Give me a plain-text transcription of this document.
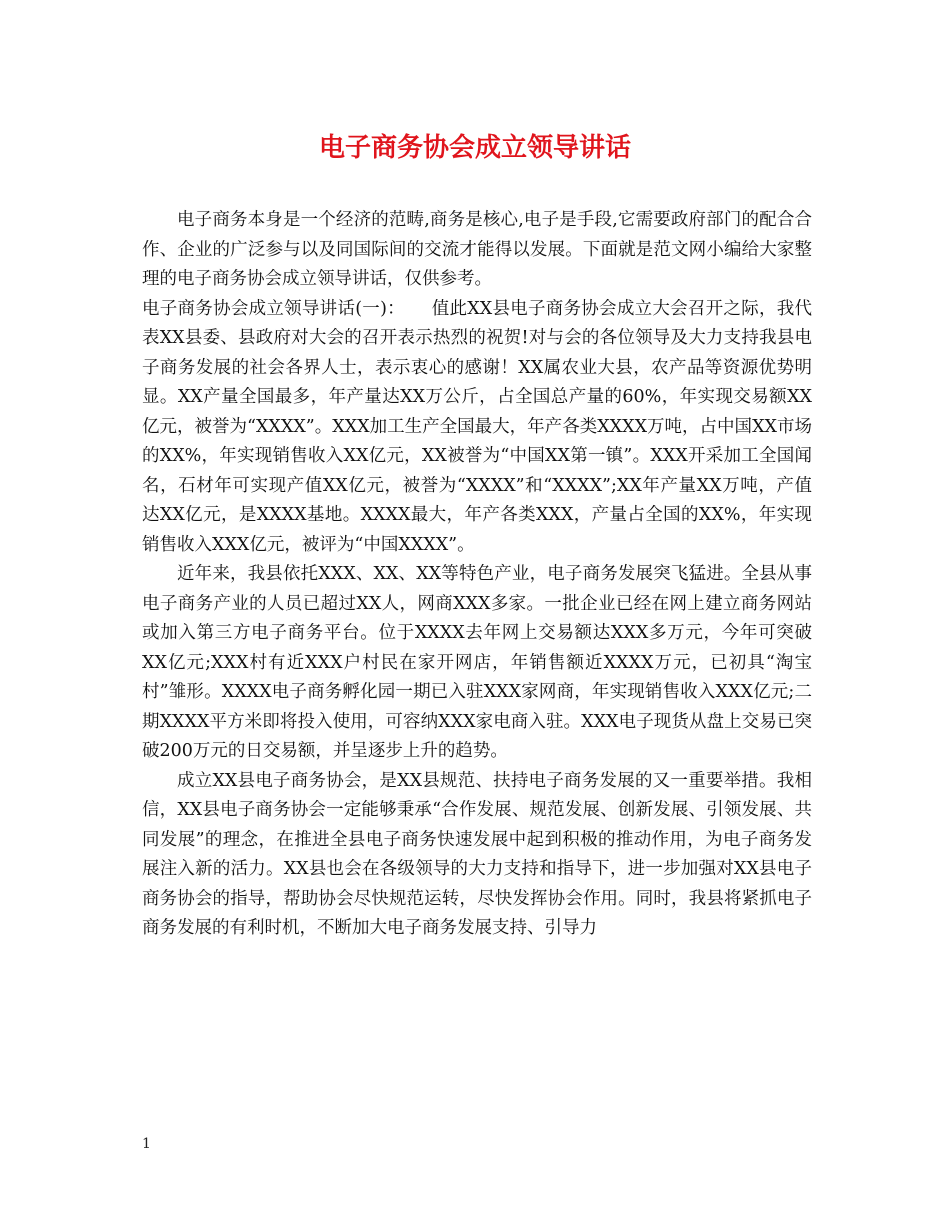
电子商务协会成立领导讲话

电子商务本身是一个经济的范畴,商务是核心,电子是手段,它需要政府部门的配合合作、企业的广泛参与以及同国际间的交流才能得以发展。下面就是范文网小编给大家整理的电子商务协会成立领导讲话，仅供参考。

电子商务协会成立领导讲话(一)：　　值此XX县电子商务协会成立大会召开之际，我代表XX县委、县政府对大会的召开表示热烈的祝贺!对与会的各位领导及大力支持我县电子商务发展的社会各界人士，表示衷心的感谢！XX属农业大县，农产品等资源优势明显。XX产量全国最多，年产量达XX万公斤，占全国总产量的60%，年实现交易额XX亿元，被誉为“XXXX”。XXX加工生产全国最大，年产各类XXXX万吨，占中国XX市场的XX%，年实现销售收入XX亿元，XX被誉为“中国XX第一镇”。XXX开采加工全国闻名，石材年可实现产值XX亿元，被誉为“XXXX”和“XXXX”;XX年产量XX万吨，产值达XX亿元，是XXXX基地。XXXX最大，年产各类XXX，产量占全国的XX%，年实现销售收入XXX亿元，被评为“中国XXXX”。

近年来，我县依托XXX、XX、XX等特色产业，电子商务发展突飞猛进。全县从事电子商务产业的人员已超过XX人，网商XXX多家。一批企业已经在网上建立商务网站或加入第三方电子商务平台。位于XXXX去年网上交易额达XXX多万元，今年可突破XX亿元;XXX村有近XXX户村民在家开网店，年销售额近XXXX万元，已初具“淘宝村”雏形。XXXX电子商务孵化园一期已入驻XXX家网商，年实现销售收入XXX亿元;二期XXXX平方米即将投入使用，可容纳XXX家电商入驻。XXX电子现货从盘上交易已突破200万元的日交易额，并呈逐步上升的趋势。

成立XX县电子商务协会，是XX县规范、扶持电子商务发展的又一重要举措。我相信，XX县电子商务协会一定能够秉承“合作发展、规范发展、创新发展、引领发展、共同发展”的理念，在推进全县电子商务快速发展中起到积极的推动作用，为电子商务发展注入新的活力。XX县也会在各级领导的大力支持和指导下，进一步加强对XX县电子商务协会的指导，帮助协会尽快规范运转，尽快发挥协会作用。同时，我县将紧抓电子商务发展的有利时机，不断加大电子商务发展支持、引导力

1
